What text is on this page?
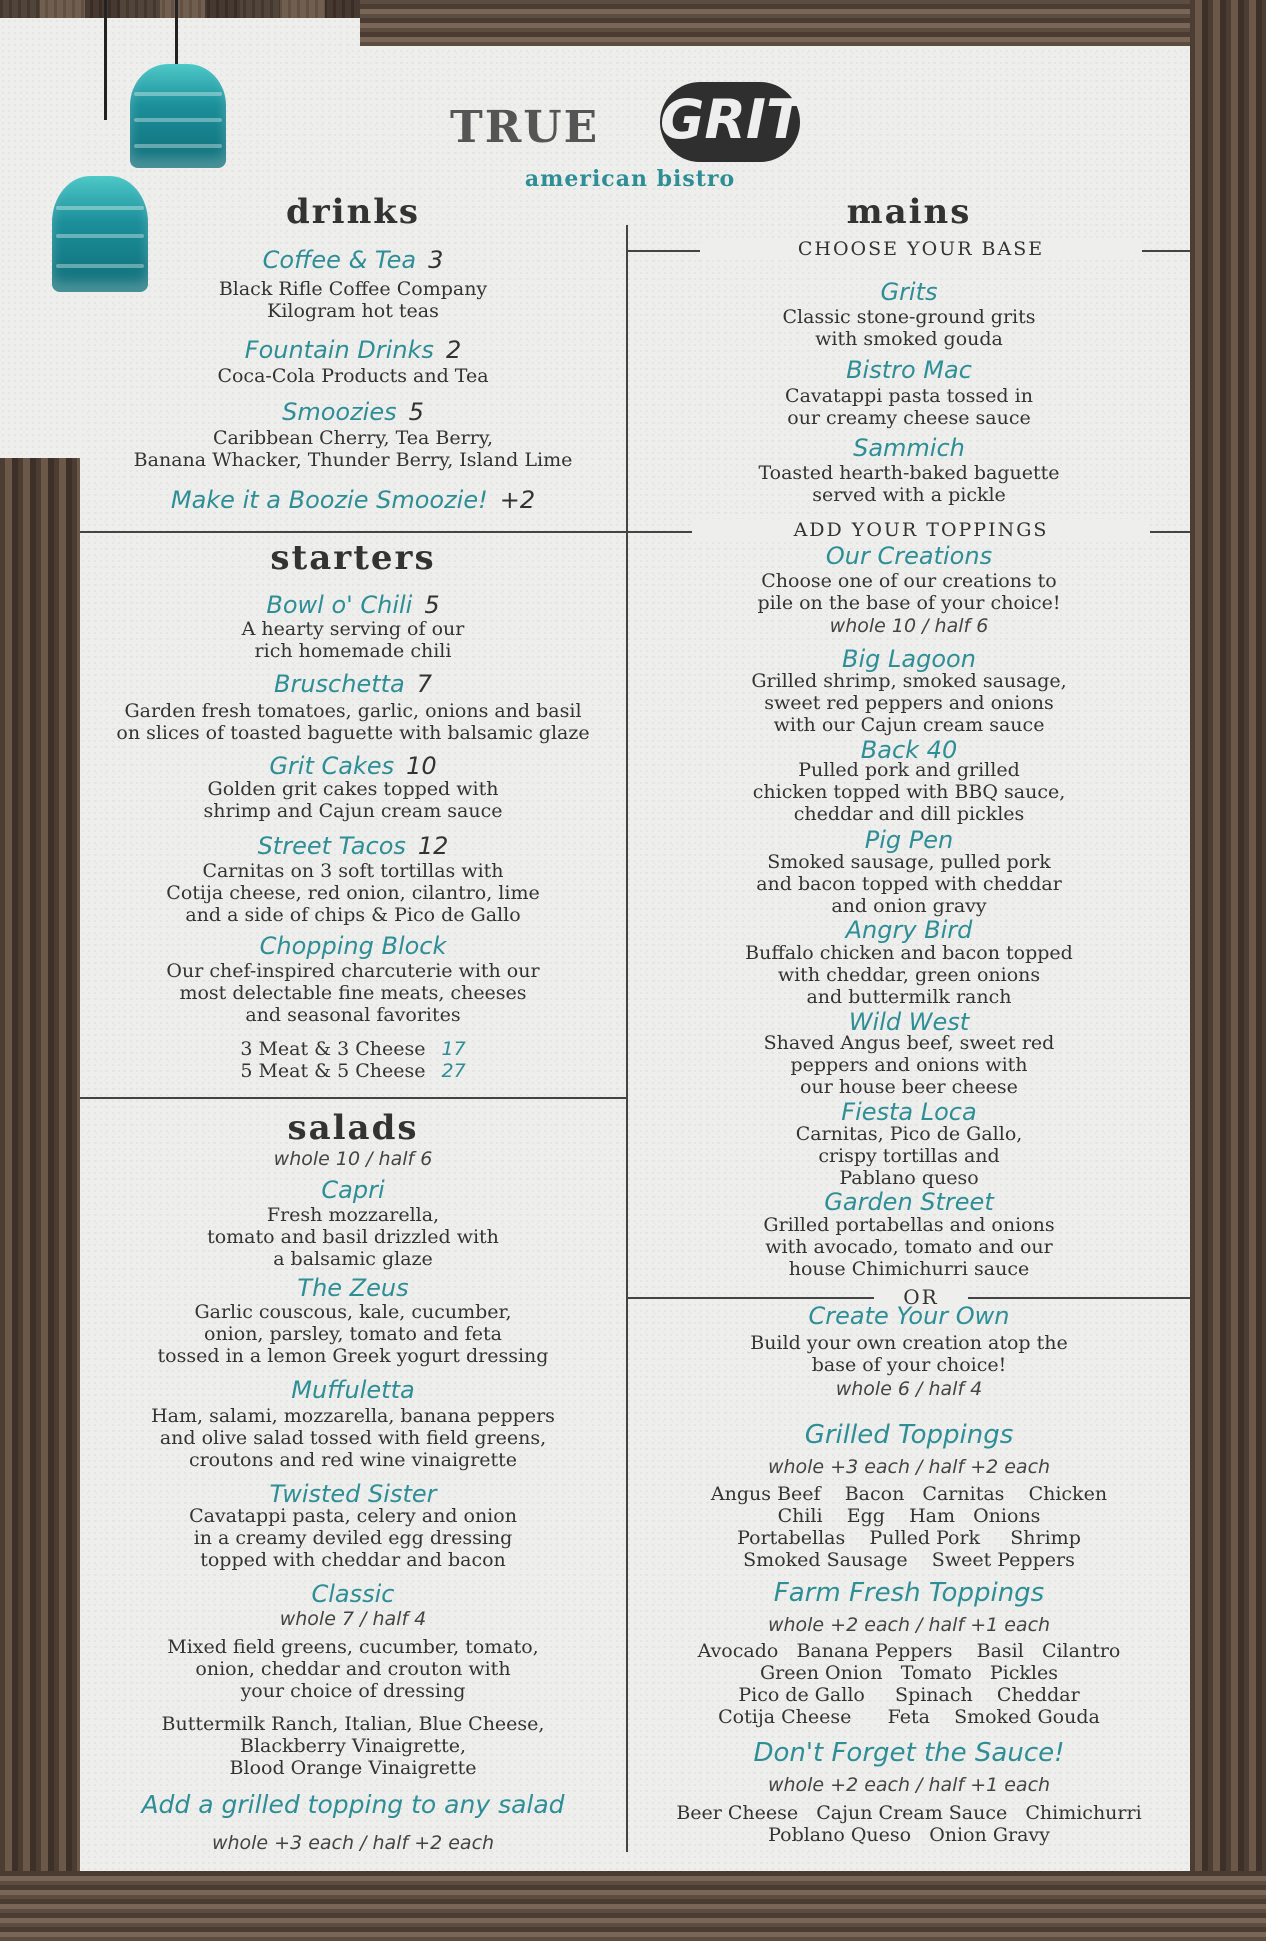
TRUE GRIT
american bistro
drinks
Coffee & Tea 3
Black Rifle Coffee Company
Kilogram hot teas
Fountain Drinks 2
Coca-Cola Products and Tea
Smoozies 5
Caribbean Cherry, Tea Berry,
Banana Whacker, Thunder Berry, Island Lime
Make it a Boozie Smoozie! +2
starters
Bowl o' Chili 5
A hearty serving of our
rich homemade chili
Bruschetta 7
Garden fresh tomatoes, garlic, onions and basil
on slices of toasted baguette with balsamic glaze
Grit Cakes 10
Golden grit cakes topped with
shrimp and Cajun cream sauce
Street Tacos 12
Carnitas on 3 soft tortillas with
Cotija cheese, red onion, cilantro, lime
and a side of chips & Pico de Gallo
Chopping Block
Our chef-inspired charcuterie with our
most delectable fine meats, cheeses
and seasonal favorites
3 Meat & 3 Cheese 17
5 Meat & 5 Cheese 27
salads
whole 10 / half 6
Capri
Fresh mozzarella,
tomato and basil drizzled with
a balsamic glaze
The Zeus
Garlic couscous, kale, cucumber,
onion, parsley, tomato and feta
tossed in a lemon Greek yogurt dressing
Muffuletta
Ham, salami, mozzarella, banana peppers
and olive salad tossed with field greens,
croutons and red wine vinaigrette
Twisted Sister
Cavatappi pasta, celery and onion
in a creamy deviled egg dressing
topped with cheddar and bacon
Classic
whole 7 / half 4
Mixed field greens, cucumber, tomato,
onion, cheddar and crouton with
your choice of dressing
Buttermilk Ranch, Italian, Blue Cheese,
Blackberry Vinaigrette,
Blood Orange Vinaigrette
Add a grilled topping to any salad
whole +3 each / half +2 each
mains
CHOOSE YOUR BASE
Grits
Classic stone-ground grits
with smoked gouda
Bistro Mac
Cavatappi pasta tossed in
our creamy cheese sauce
Sammich
Toasted hearth-baked baguette
served with a pickle
ADD YOUR TOPPINGS
Our Creations
Choose one of our creations to
pile on the base of your choice!
whole 10 / half 6
Big Lagoon
Grilled shrimp, smoked sausage,
sweet red peppers and onions
with our Cajun cream sauce
Back 40
Pulled pork and grilled
chicken topped with BBQ sauce,
cheddar and dill pickles
Pig Pen
Smoked sausage, pulled pork
and bacon topped with cheddar
and onion gravy
Angry Bird
Buffalo chicken and bacon topped
with cheddar, green onions
and buttermilk ranch
Wild West
Shaved Angus beef, sweet red
peppers and onions with
our house beer cheese
Fiesta Loca
Carnitas, Pico de Gallo,
crispy tortillas and
Pablano queso
Garden Street
Grilled portabellas and onions
with avocado, tomato and our
house Chimichurri sauce
OR
Create Your Own
Build your own creation atop the
base of your choice!
whole 6 / half 4
Grilled Toppings
whole +3 each / half +2 each
Angus Beef    Bacon   Carnitas    Chicken
Chili    Egg    Ham   Onions
Portabellas    Pulled Pork     Shrimp
Smoked Sausage    Sweet Peppers
Farm Fresh Toppings
whole +2 each / half +1 each
Avocado   Banana Peppers    Basil   Cilantro
Green Onion   Tomato   Pickles
Pico de Gallo     Spinach    Cheddar
Cotija Cheese      Feta    Smoked Gouda
Don't Forget the Sauce!
whole +2 each / half +1 each
Beer Cheese   Cajun Cream Sauce   Chimichurri
Poblano Queso   Onion Gravy
